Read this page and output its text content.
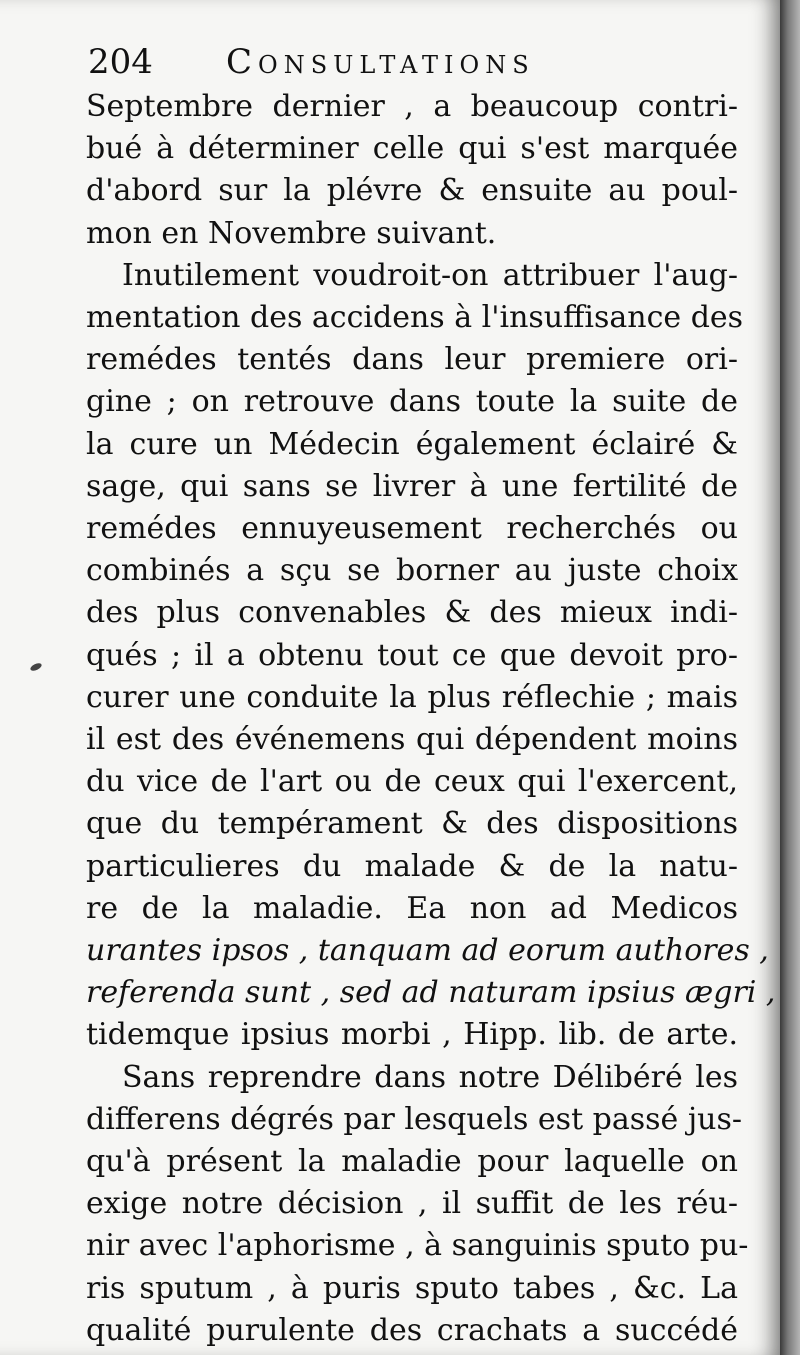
204 Consultations
Septembre dernier , a beaucoup contri-
bué à déterminer celle qui s'est marquée
d'abord sur la plévre & ensuite au poul-
mon en Novembre suivant.
Inutilement voudroit-on attribuer l'aug-
mentation des accidens à l'insuffisance des
remédes tentés dans leur premiere ori-
gine ; on retrouve dans toute la suite de
la cure un Médecin également éclairé &
sage, qui sans se livrer à une fertilité de
remédes ennuyeusement recherchés ou
combinés a sçu se borner au juste choix
des plus convenables & des mieux indi-
qués ; il a obtenu tout ce que devoit pro-
curer une conduite la plus réflechie ; mais
il est des événemens qui dépendent moins
du vice de l'art ou de ceux qui l'exercent,
que du tempérament & des dispositions
particulieres du malade & de la natu-
re de la maladie. Ea non ad Medicos
urantes ipsos , tanquam ad eorum authores ,
referenda sunt , sed ad naturam ipsius ægri ,
tidemque ipsius morbi , Hipp. lib. de arte.
Sans reprendre dans notre Délibéré les
differens dégrés par lesquels est passé jus-
qu'à présent la maladie pour laquelle on
exige notre décision , il suffit de les réu-
nir avec l'aphorisme , à sanguinis sputo pu-
ris sputum , à puris sputo tabes , &c. La
qualité purulente des crachats a succédé
